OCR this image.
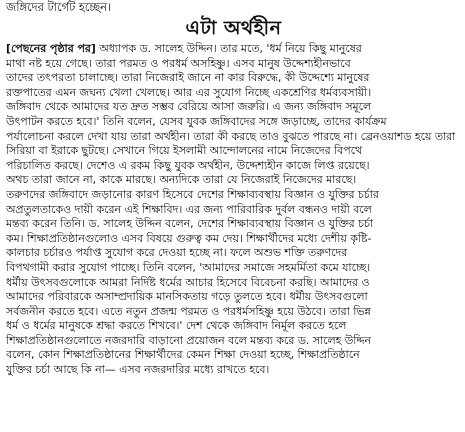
জঙ্গিদের টার্গেট হচ্ছেন।
এটা অর্থহীন
[পেছনের পৃষ্ঠার পর] অধ্যাপক ড. সালেহ উদ্দিন। তার মতে, 'ধর্ম নিয়ে কিছু মানুষের
মাথা নষ্ট হয়ে গেছে। তারা পরমত ও পরধর্ম অসহিষ্ণু। এসব মানুষ উদ্দেশ্যহীনভাবে
তাদের তৎপরতা চালাচ্ছে। তারা নিজেরাই জানে না কার বিরুদ্ধে, কী উদ্দেশ্যে মানুষের
রক্তপাতের এমন জঘন্য খেলা খেলছে। আর এর সুযোগ নিচ্ছে একশ্রেণির ধর্মব্যবসায়ী।
জঙ্গিবাদ থেকে আমাদের যত দ্রুত সম্ভব বেরিয়ে আসা জরুরি। এ জন্য জঙ্গিবাদ সমূলে
উৎপাটন করতে হবে।' তিনি বলেন, যেসব যুবক জঙ্গিবাদের সঙ্গে জড়াচ্ছে, তাদের কার্যক্রম
পর্যালোচনা করলে দেখা যায় তারা অর্থহীন। তারা কী করছে তাও বুঝতে পারছে না। ব্রেনওয়াশড হয়ে তারা
সিরিয়া বা ইরাকে ছুটছে। সেখানে গিয়ে ইসলামী আন্দোলনের নামে নিজেদের বিপথে
পরিচালিত করছে। দেশেও এ রকম কিছু যুবক অর্থহীন, উদ্দেশ্যহীন কাজে লিপ্ত রয়েছে।
অথচ তারা জানে না, কাকে মারছে। অন্যদিকে তারা যে নিজেরাই নিজেদের মারছে।
তরুণদের জঙ্গিবাদে জড়ানোর কারণ হিসেবে দেশের শিক্ষাব্যবস্থায় বিজ্ঞান ও যুক্তির চর্চার
অপ্রতুলতাকেও দায়ী করেন এই শিক্ষাবিদ। এর জন্য পারিবারিক দুর্বল বন্ধনও দায়ী বলে
মন্তব্য করেন তিনি। ড. সালেহ উদ্দিন বলেন, দেশের শিক্ষাব্যবস্থায় বিজ্ঞান ও যুক্তির চর্চা
কম। শিক্ষাপ্রতিষ্ঠানগুলোও এসব বিষয়ে গুরুত্ব কম দেয়। শিক্ষার্থীদের মধ্যে দেশীয় কৃষ্টি-
কালচার চর্চারও পর্যাপ্ত সুযোগ করে দেওয়া হচ্ছে না। ফলে অশুভ শক্তি তরুণদের
বিপথগামী করার সুযোগ পাচ্ছে। তিনি বলেন, 'আমাদের সমাজে সহমর্মিতা কমে যাচ্ছে।
ধর্মীয় উৎসবগুলোকে আমরা নির্দিষ্ট ধর্মের আচার হিসেবে বিবেচনা করছি। আমাদের ও
আমাদের পরিবারকে অসাম্প্রদায়িক মানসিকতায় গড়ে তুলতে হবে। ধর্মীয় উৎসবগুলো
সর্বজনীন করতে হবে। এতে নতুন প্রজন্ম পরমত ও পরধর্মসহিষ্ণু হয়ে উঠবে। তারা ভিন্ন
ধর্ম ও ধর্মের মানুষকে শ্রদ্ধা করতে শিখবে।' দেশ থেকে জঙ্গিবাদ নির্মূল করতে হলে
শিক্ষাপ্রতিষ্ঠানগুলোতে নজরদারি বাড়ানো প্রয়োজন বলে মন্তব্য করে ড. সালেহ উদ্দিন
বলেন, কোন শিক্ষাপ্রতিষ্ঠানের শিক্ষার্থীদের কেমন শিক্ষা দেওয়া হচ্ছে, শিক্ষাপ্রতিষ্ঠানে
যুক্তির চর্চা আছে কি না— এসব নজরদারির মধ্যে রাখতে হবে।
